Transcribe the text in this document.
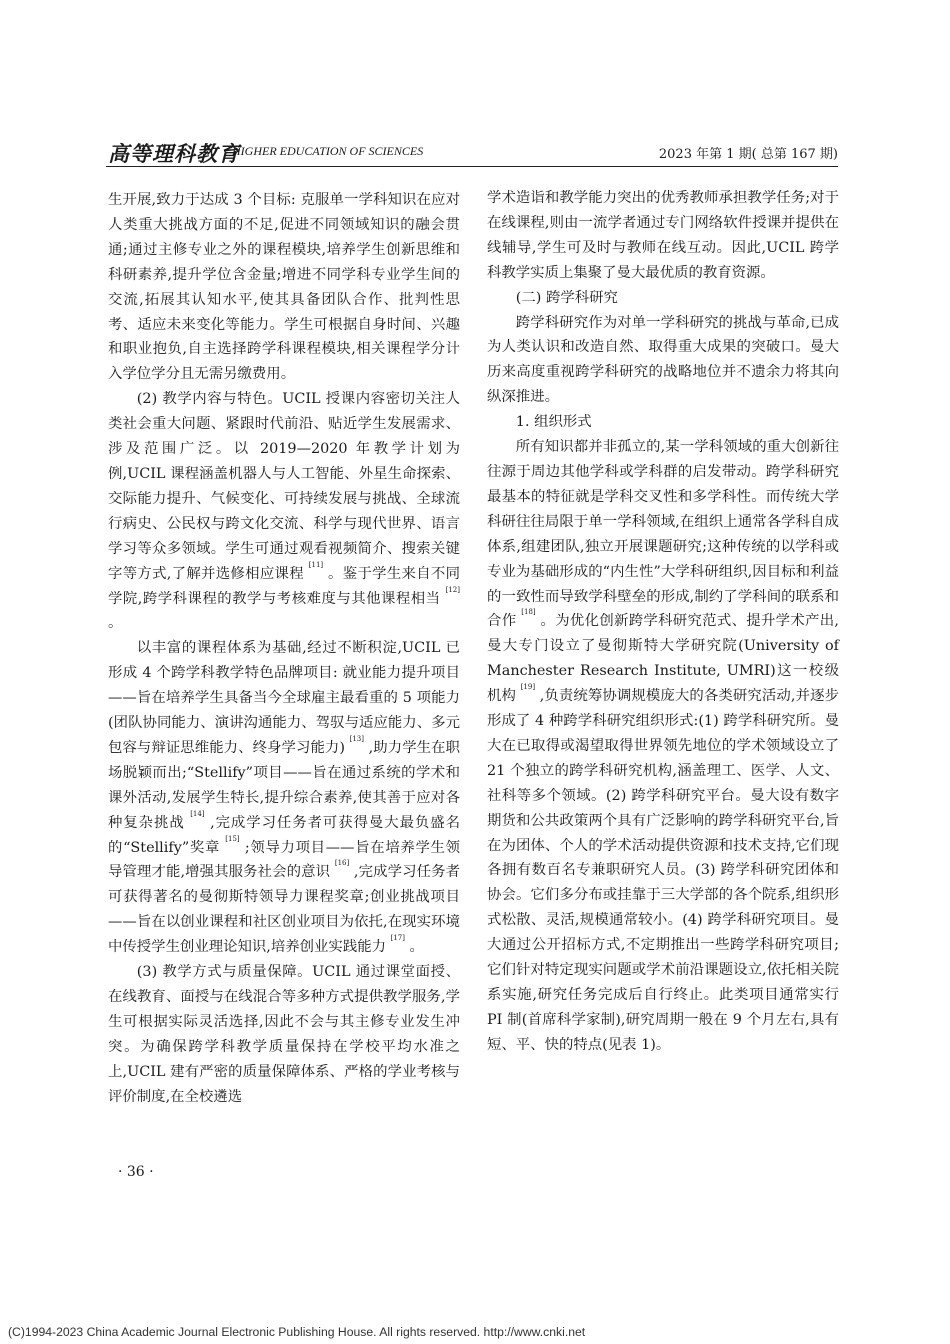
高等理科教育
HIGHER EDUCATION OF SCIENCES	2023 年第 1 期( 总第 167 期)

生开展,致力于达成 3 个目标: 克服单一学科知识在应对人类重大挑战方面的不足,促进不同领域知识的融会贯通;通过主修专业之外的课程模块,培养学生创新思维和科研素养,提升学位含金量;增进不同学科专业学生间的交流,拓展其认知水平,使其具备团队合作、批判性思考、适应未来变化等能力。学生可根据自身时间、兴趣和职业抱负,自主选择跨学科课程模块,相关课程学分计入学位学分且无需另缴费用。

(2) 教学内容与特色。UCIL 授课内容密切关注人类社会重大问题、紧跟时代前沿、贴近学生发展需求、涉及范围广泛。以 2019—2020 年教学计划为例,UCIL 课程涵盖机器人与人工智能、外星生命探索、交际能力提升、气候变化、可持续发展与挑战、全球流行病史、公民权与跨文化交流、科学与现代世界、语言学习等众多领域。学生可通过观看视频简介、搜索关键字等方式,了解并选修相应课程 [11] 。鉴于学生来自不同学院,跨学科课程的教学与考核难度与其他课程相当 [12] 。

以丰富的课程体系为基础,经过不断积淀,UCIL 已形成 4 个跨学科教学特色品牌项目: 就业能力提升项目——旨在培养学生具备当今全球雇主最看重的 5 项能力(团队协同能力、演讲沟通能力、驾驭与适应能力、多元包容与辩证思维能力、终身学习能力) [13] ,助力学生在职场脱颖而出;“Stellify”项目——旨在通过系统的学术和课外活动,发展学生特长,提升综合素养,使其善于应对各种复杂挑战 [14] ,完成学习任务者可获得曼大最负盛名的“Stellify”奖章 [15] ;领导力项目——旨在培养学生领导管理才能,增强其服务社会的意识 [16] ,完成学习任务者可获得著名的曼彻斯特领导力课程奖章;创业挑战项目——旨在以创业课程和社区创业项目为依托,在现实环境中传授学生创业理论知识,培养创业实践能力 [17] 。

(3) 教学方式与质量保障。UCIL 通过课堂面授、在线教育、面授与在线混合等多种方式提供教学服务,学生可根据实际灵活选择,因此不会与其主修专业发生冲突。为确保跨学科教学质量保持在学校平均水准之上,UCIL 建有严密的质量保障体系、严格的学业考核与评价制度,在全校遴选

学术造诣和教学能力突出的优秀教师承担教学任务;对于在线课程,则由一流学者通过专门网络软件授课并提供在线辅导,学生可及时与教师在线互动。因此,UCIL 跨学科教学实质上集聚了曼大最优质的教育资源。

(二) 跨学科研究

跨学科研究作为对单一学科研究的挑战与革命,已成为人类认识和改造自然、取得重大成果的突破口。曼大历来高度重视跨学科研究的战略地位并不遗余力将其向纵深推进。

1. 组织形式

所有知识都并非孤立的,某一学科领域的重大创新往往源于周边其他学科或学科群的启发带动。跨学科研究最基本的特征就是学科交叉性和多学科性。而传统大学科研往往局限于单一学科领域,在组织上通常各学科自成体系,组建团队,独立开展课题研究;这种传统的以学科或专业为基础形成的“内生性”大学科研组织,因目标和利益的一致性而导致学科壁垒的形成,制约了学科间的联系和合作 [18] 。为优化创新跨学科研究范式、提升学术产出,曼大专门设立了曼彻斯特大学研究院(University of Manchester Research Institute, UMRI)这一校级机构 [19] ,负责统筹协调规模庞大的各类研究活动,并逐步形成了 4 种跨学科研究组织形式:(1) 跨学科研究所。曼大在已取得或渴望取得世界领先地位的学术领域设立了 21 个独立的跨学科研究机构,涵盖理工、医学、人文、社科等多个领域。(2) 跨学科研究平台。曼大设有数字期货和公共政策两个具有广泛影响的跨学科研究平台,旨在为团体、个人的学术活动提供资源和技术支持,它们现各拥有数百名专兼职研究人员。(3) 跨学科研究团体和协会。它们多分布或挂靠于三大学部的各个院系,组织形式松散、灵活,规模通常较小。(4) 跨学科研究项目。曼大通过公开招标方式,不定期推出一些跨学科研究项目;它们针对特定现实问题或学术前沿课题设立,依托相关院系实施,研究任务完成后自行终止。此类项目通常实行 PI 制(首席科学家制),研究周期一般在 9 个月左右,具有短、平、快的特点(见表 1)。

· 36 ·
(C)1994-2023 China Academic Journal Electronic Publishing House. All rights reserved. http://www.cnki.net
